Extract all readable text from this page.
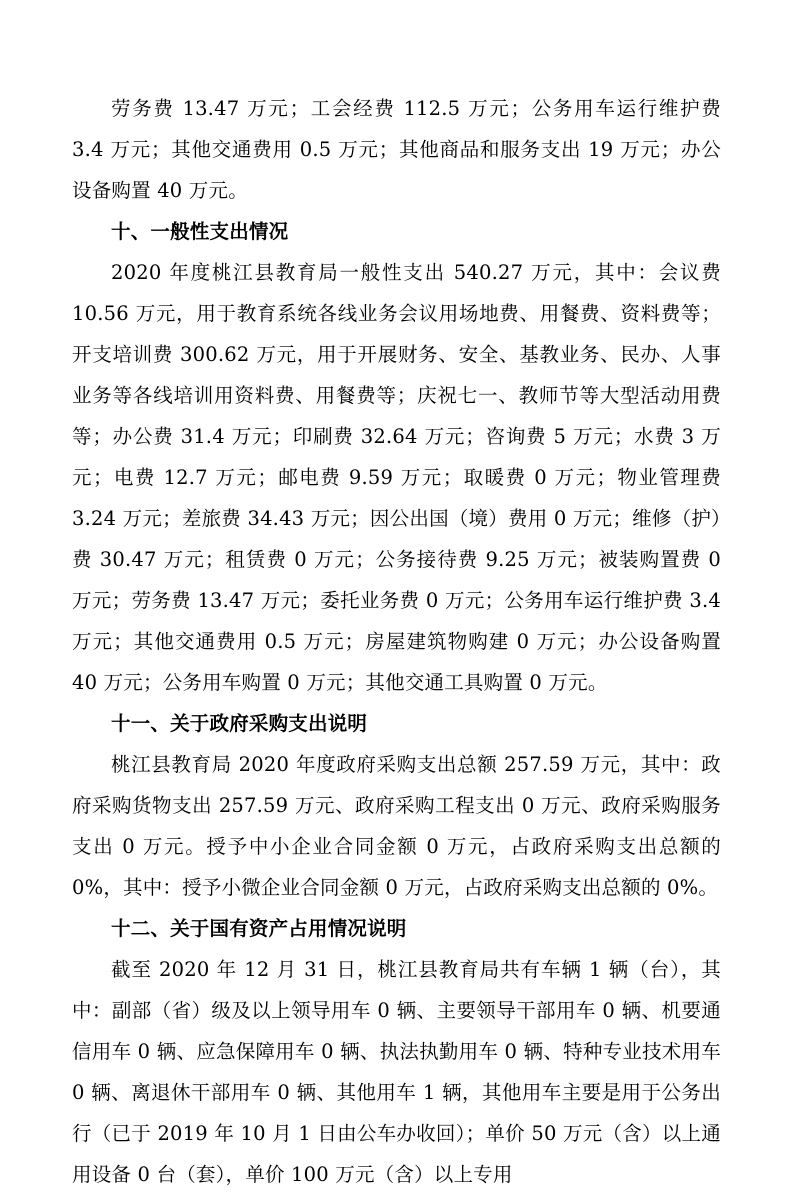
劳务费 13.47 万元；工会经费 112.5 万元；公务用车运行维护费 3.4 万元；其他交通费用 0.5 万元；其他商品和服务支出 19 万元；办公设备购置 40 万元。

十、一般性支出情况

2020 年度桃江县教育局一般性支出 540.27 万元，其中：会议费 10.56 万元，用于教育系统各线业务会议用场地费、用餐费、资料费等；开支培训费 300.62 万元，用于开展财务、安全、基教业务、民办、人事业务等各线培训用资料费、用餐费等；庆祝七一、教师节等大型活动用费等；办公费 31.4 万元；印刷费 32.64 万元；咨询费 5 万元；水费 3 万元；电费 12.7 万元；邮电费 9.59 万元；取暖费 0 万元；物业管理费 3.24 万元；差旅费 34.43 万元；因公出国（境）费用 0 万元；维修（护）费 30.47 万元；租赁费 0 万元；公务接待费 9.25 万元；被装购置费 0 万元；劳务费 13.47 万元；委托业务费 0 万元；公务用车运行维护费 3.4 万元；其他交通费用 0.5 万元；房屋建筑物购建 0 万元；办公设备购置 40 万元；公务用车购置 0 万元；其他交通工具购置 0 万元。

十一、关于政府采购支出说明

桃江县教育局 2020 年度政府采购支出总额 257.59 万元，其中：政府采购货物支出 257.59 万元、政府采购工程支出 0 万元、政府采购服务支出 0 万元。授予中小企业合同金额 0 万元，占政府采购支出总额的 0%，其中：授予小微企业合同金额 0 万元，占政府采购支出总额的 0%。

十二、关于国有资产占用情况说明

截至 2020 年 12 月 31 日，桃江县教育局共有车辆 1 辆（台），其中：副部（省）级及以上领导用车 0 辆、主要领导干部用车 0 辆、机要通信用车 0 辆、应急保障用车 0 辆、执法执勤用车 0 辆、特种专业技术用车 0 辆、离退休干部用车 0 辆、其他用车 1 辆，其他用车主要是用于公务出行（已于 2019 年 10 月 1 日由公车办收回）；单价 50 万元（含）以上通用设备 0 台（套），单价 100 万元（含）以上专用
